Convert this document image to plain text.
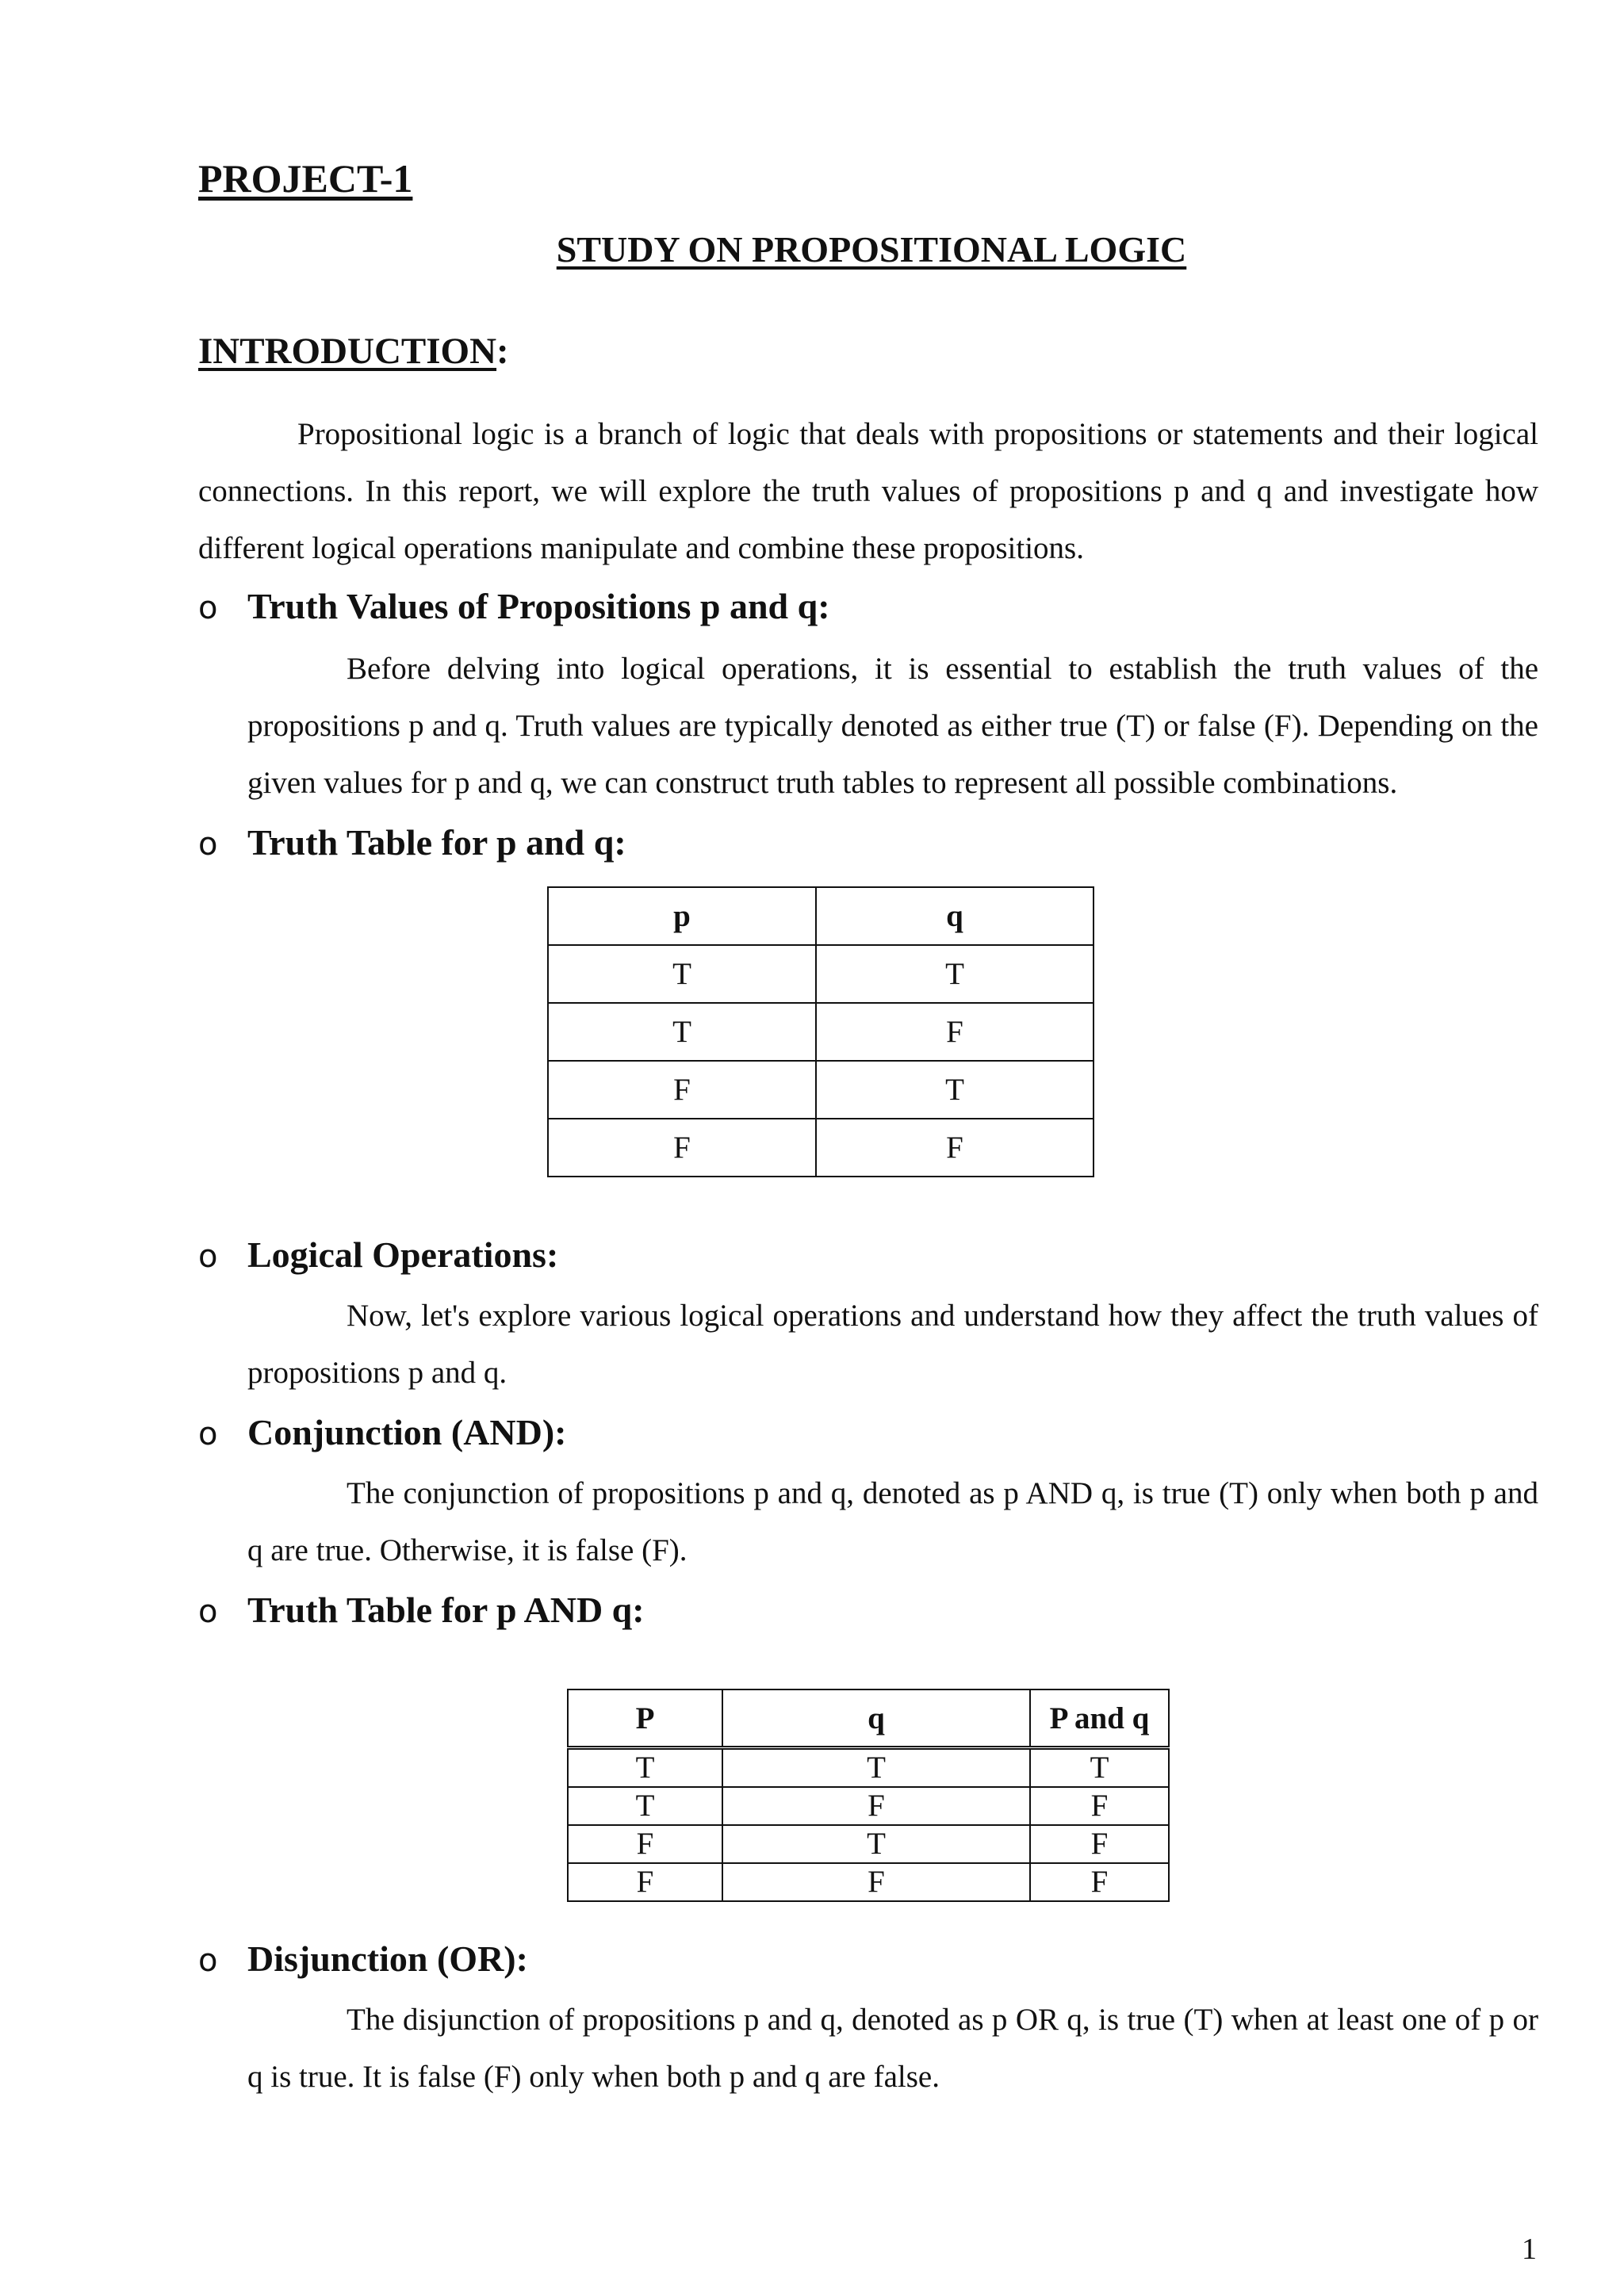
PROJECT-1
STUDY ON PROPOSITIONAL LOGIC
INTRODUCTION:

Propositional logic is a branch of logic that deals with propositions or statements and their logical connections. In this report, we will explore the truth values of propositions p and q and investigate how different logical operations manipulate and combine these propositions.

o Truth Values of Propositions p and q:

Before delving into logical operations, it is essential to establish the truth values of the propositions p and q. Truth values are typically denoted as either true (T) or false (F). Depending on the given values for p and q, we can construct truth tables to represent all possible combinations.

o Truth Table for p and q:
p	q
T	T
T	F
F	T
F	F
o Logical Operations:

Now, let's explore various logical operations and understand how they affect the truth values of propositions p and q.

o Conjunction (AND):

The conjunction of propositions p and q, denoted as p AND q, is true (T) only when both p and q are true. Otherwise, it is false (F).

o Truth Table for p AND q:
P	q	P and q
T	T	T
T	F	F
F	T	F
F	F	F
o Disjunction (OR):

The disjunction of propositions p and q, denoted as p OR q, is true (T) when at least one of p or q is true. It is false (F) only when both p and q are false.

1
